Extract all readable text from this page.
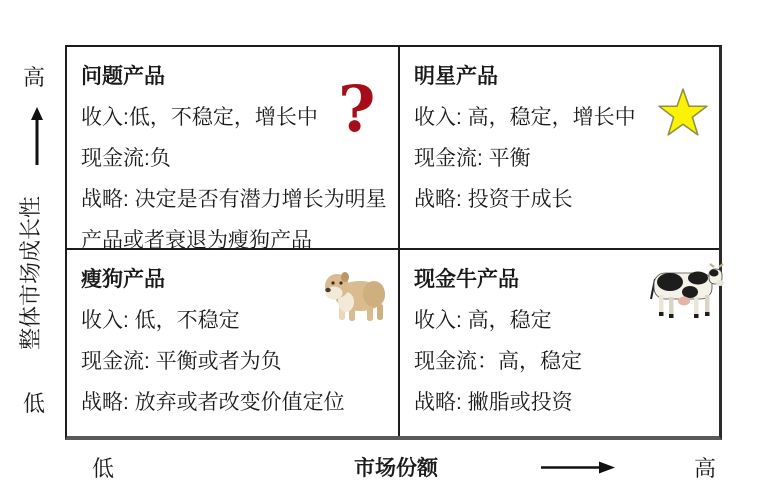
高
整体市场成长性
低
问题产品
收入:低，不稳定，增长中
现金流:负
战略: 决定是否有潜力增长为明星
产品或者衰退为瘦狗产品
明星产品
收入: 高，稳定，增长中
现金流: 平衡
战略: 投资于成长
瘦狗产品
收入: 低，不稳定
现金流: 平衡或者为负
战略: 放弃或者改变价值定位
现金牛产品
收入: 高，稳定
现金流：高，稳定
战略: 撇脂或投资
?
低	市场份额	高
